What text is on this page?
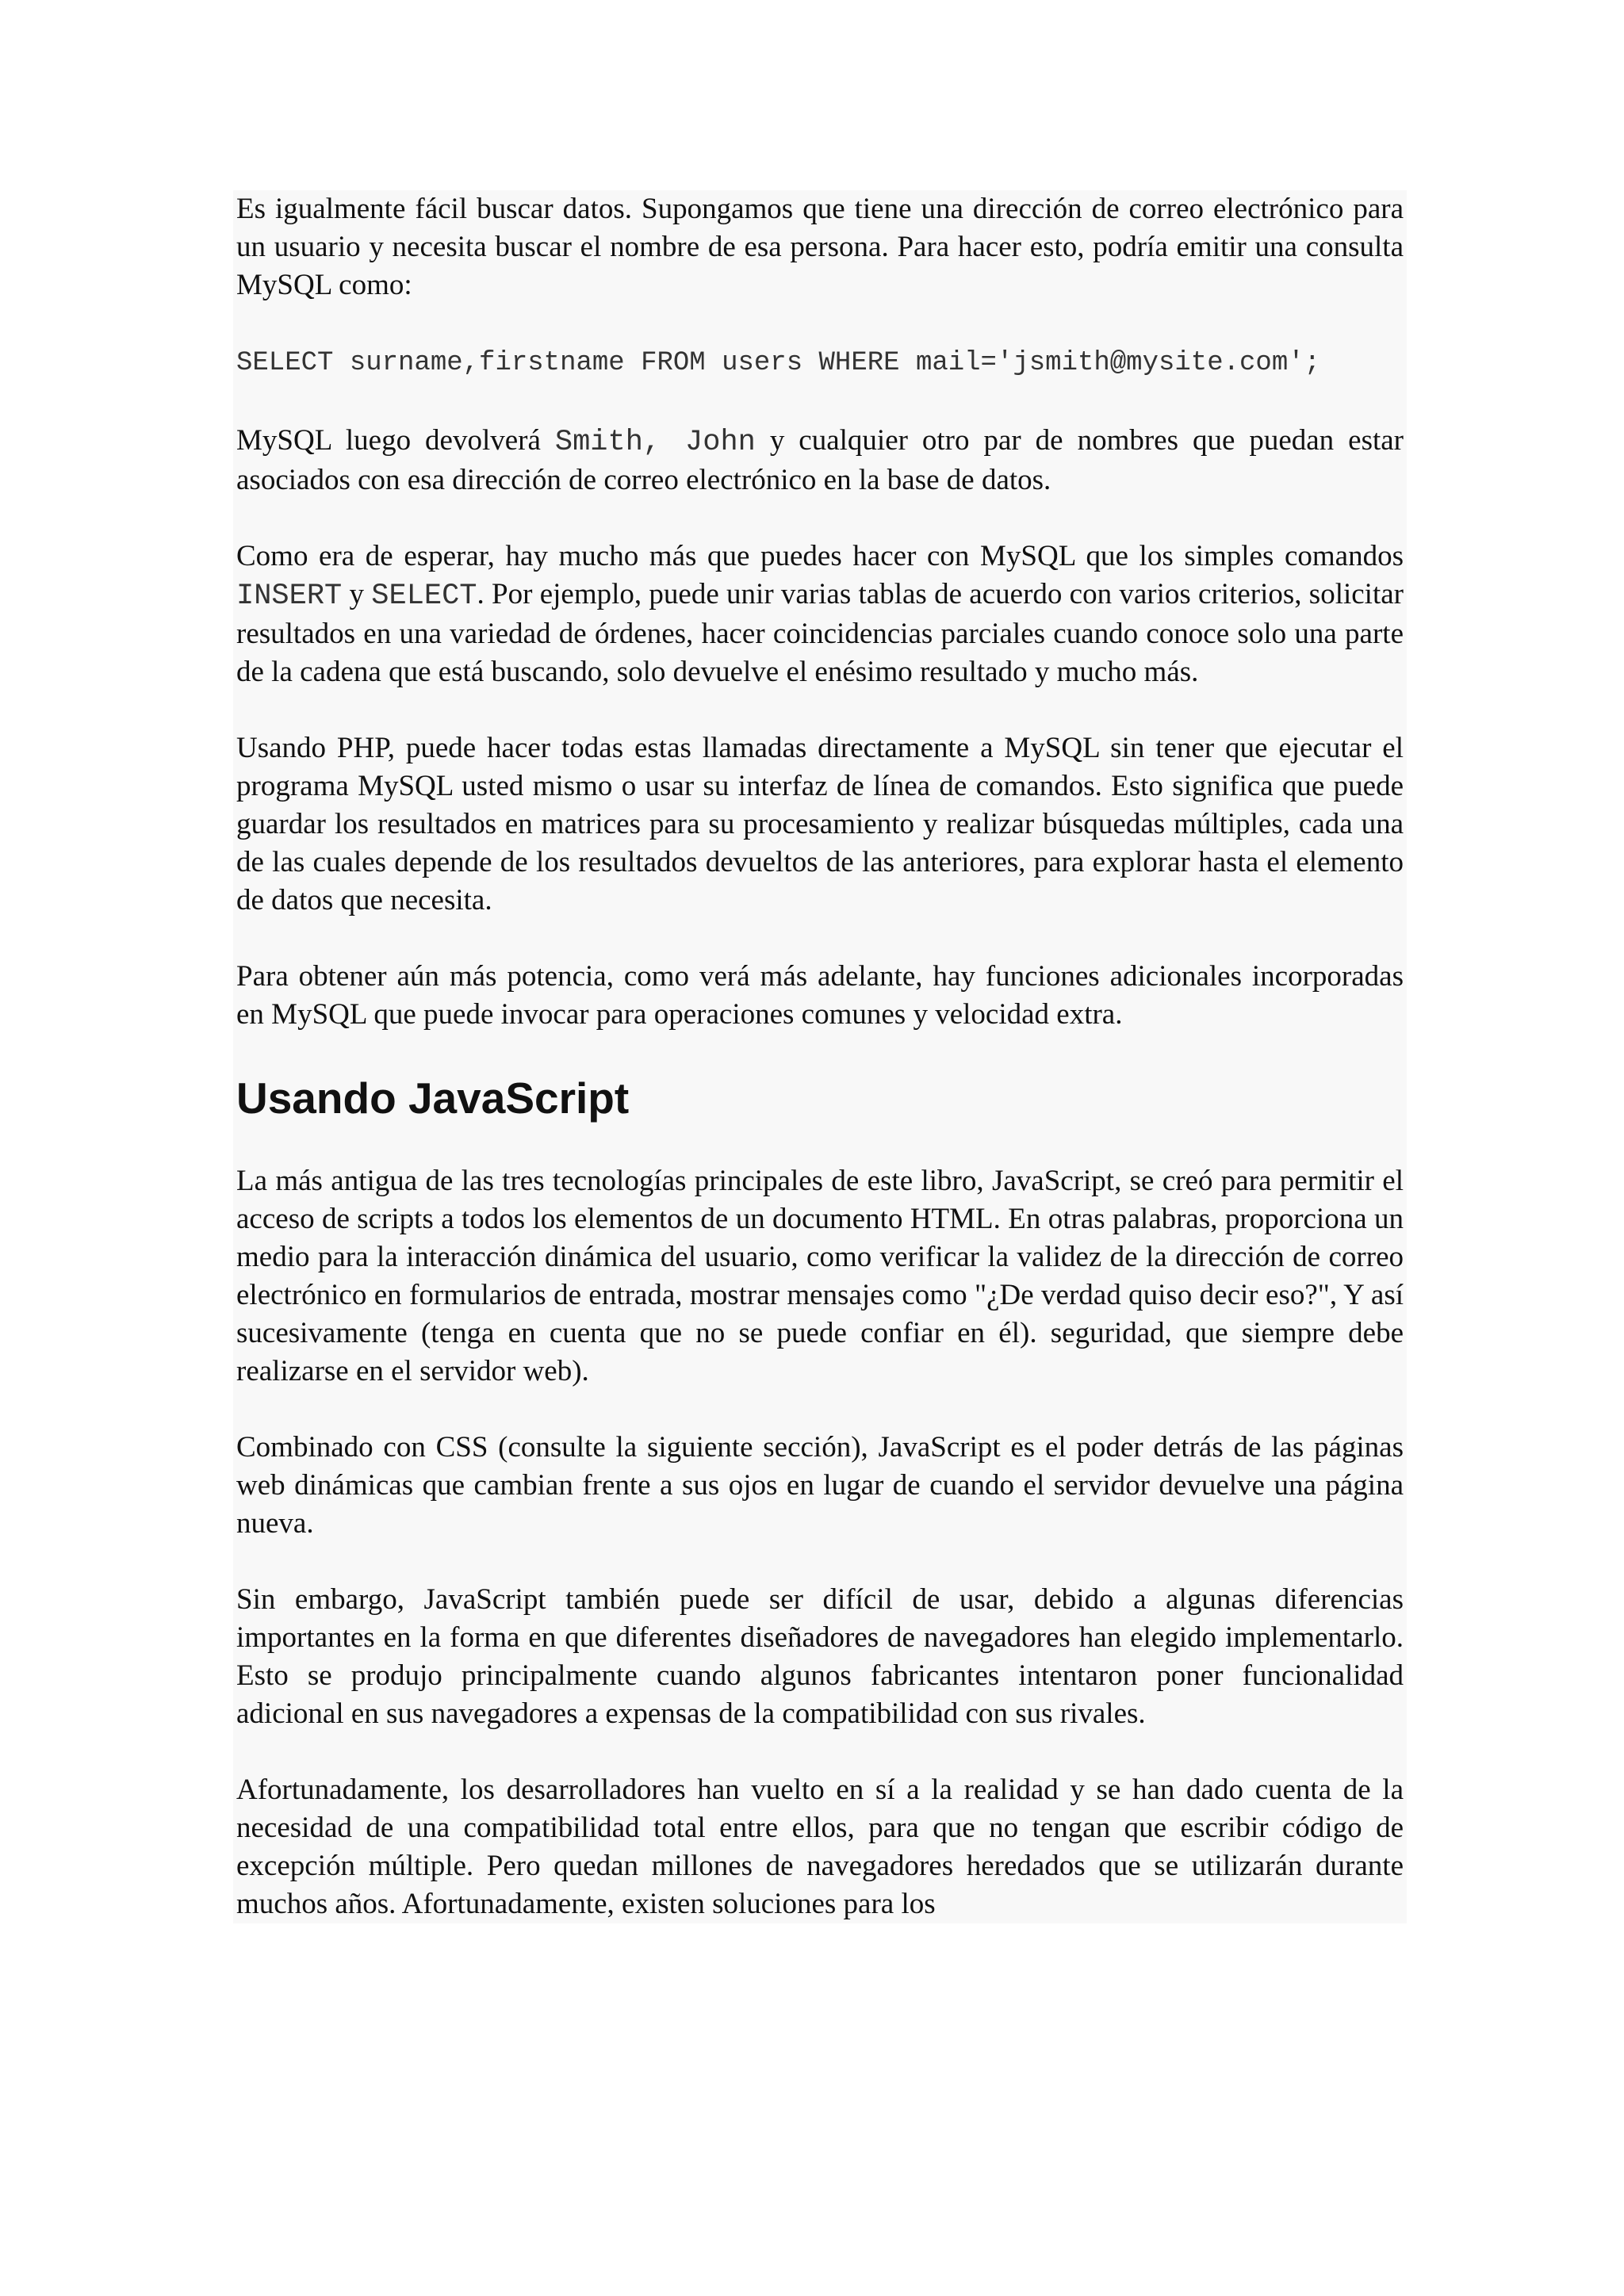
Es igualmente fácil buscar datos. Supongamos que tiene una dirección de correo electrónico para un usuario y necesita buscar el nombre de esa persona. Para hacer esto, podría emitir una consulta MySQL como:

SELECT surname,firstname FROM users WHERE mail='jsmith@mysite.com';

MySQL luego devolverá Smith, John y cualquier otro par de nombres que puedan estar asociados con esa dirección de correo electrónico en la base de datos.

Como era de esperar, hay mucho más que puedes hacer con MySQL que los simples comandos INSERT y SELECT. Por ejemplo, puede unir varias tablas de acuerdo con varios criterios, solicitar resultados en una variedad de órdenes, hacer coincidencias parciales cuando conoce solo una parte de la cadena que está buscando, solo devuelve el enésimo resultado y mucho más.

Usando PHP, puede hacer todas estas llamadas directamente a MySQL sin tener que ejecutar el programa MySQL usted mismo o usar su interfaz de línea de comandos. Esto significa que puede guardar los resultados en matrices para su procesamiento y realizar búsquedas múltiples, cada una de las cuales depende de los resultados devueltos de las anteriores, para explorar hasta el elemento de datos que necesita.

Para obtener aún más potencia, como verá más adelante, hay funciones adicionales incorporadas en MySQL que puede invocar para operaciones comunes y velocidad extra.

Usando JavaScript

La más antigua de las tres tecnologías principales de este libro, JavaScript, se creó para permitir el acceso de scripts a todos los elementos de un documento HTML. En otras palabras, proporciona un medio para la interacción dinámica del usuario, como verificar la validez de la dirección de correo electrónico en formularios de entrada, mostrar mensajes como "¿De verdad quiso decir eso?", Y así sucesivamente (tenga en cuenta que no se puede confiar en él). seguridad, que siempre debe realizarse en el servidor web).

Combinado con CSS (consulte la siguiente sección), JavaScript es el poder detrás de las páginas web dinámicas que cambian frente a sus ojos en lugar de cuando el servidor devuelve una página nueva.

Sin embargo, JavaScript también puede ser difícil de usar, debido a algunas diferencias importantes en la forma en que diferentes diseñadores de navegadores han elegido implementarlo. Esto se produjo principalmente cuando algunos fabricantes intentaron poner funcionalidad adicional en sus navegadores a expensas de la compatibilidad con sus rivales.

Afortunadamente, los desarrolladores han vuelto en sí a la realidad y se han dado cuenta de la necesidad de una compatibilidad total entre ellos, para que no tengan que escribir código de excepción múltiple. Pero quedan millones de navegadores heredados que se utilizarán durante muchos años. Afortunadamente, existen soluciones para los
